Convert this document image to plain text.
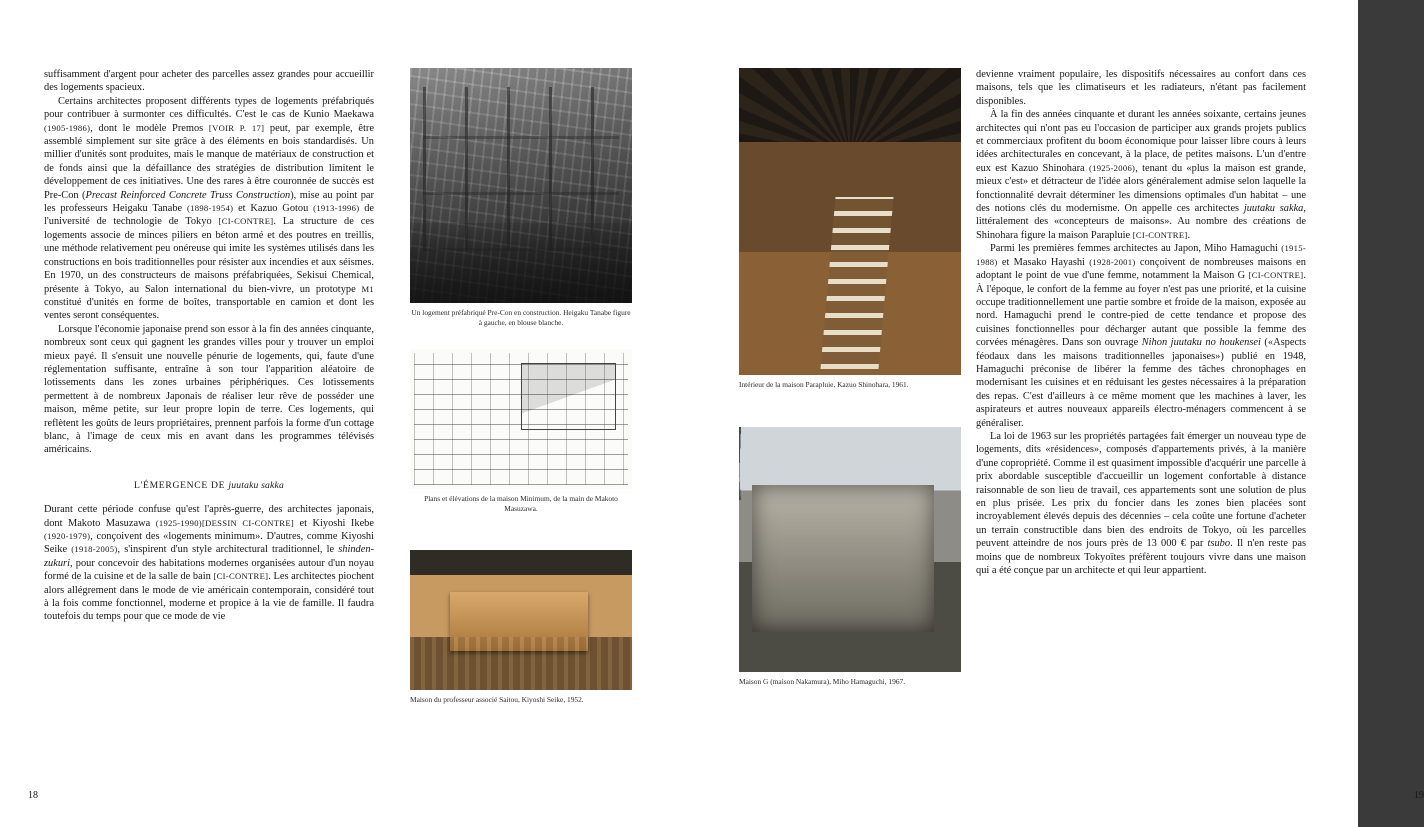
suffisamment d'argent pour acheter des parcelles assez grandes pour accueillir des logements spacieux.

Certains architectes proposent différents types de logements préfabriqués pour contribuer à surmonter ces difficultés. C'est le cas de Kunio Maekawa (1905-1986), dont le modèle Premos [VOIR P. 17] peut, par exemple, être assemblé simplement sur site grâce à des éléments en bois standardisés. Un millier d'unités sont produites, mais le manque de matériaux de construction et de fonds ainsi que la défaillance des stratégies de distribution limitent le développement de ces initiatives. Une des rares à être couronnée de succès est Pre-Con (Precast Reinforced Concrete Truss Construction), mise au point par les professeurs Heigaku Tanabe (1898-1954) et Kazuo Gotou (1913-1996) de l'université de technologie de Tokyo [CI-CONTRE]. La structure de ces logements associe de minces piliers en béton armé et des poutres en treillis, une méthode relativement peu onéreuse qui imite les systèmes utilisés dans les constructions en bois traditionnelles pour résister aux incendies et aux séismes. En 1970, un des constructeurs de maisons préfabriquées, Sekisui Chemical, présente à Tokyo, au Salon international du bien-vivre, un prototype M1 constitué d'unités en forme de boîtes, transportable en camion et dont les ventes seront conséquentes.

Lorsque l'économie japonaise prend son essor à la fin des années cinquante, nombreux sont ceux qui gagnent les grandes villes pour y trouver un emploi mieux payé. Il s'ensuit une nouvelle pénurie de logements, qui, faute d'une réglementation suffisante, entraîne à son tour l'apparition aléatoire de lotissements dans les zones urbaines périphériques. Ces lotissements permettent à de nombreux Japonais de réaliser leur rêve de posséder une maison, même petite, sur leur propre lopin de terre. Ces logements, qui reflètent les goûts de leurs propriétaires, prennent parfois la forme d'un cottage blanc, à l'image de ceux mis en avant dans les programmes télévisés américains.

L'ÉMERGENCE DE juutaku sakka

Durant cette période confuse qu'est l'après-guerre, des architectes japonais, dont Makoto Masuzawa (1925-1990)[DESSIN CI-CONTRE] et Kiyoshi Ikebe (1920-1979), conçoivent des «logements minimum». D'autres, comme Kiyoshi Seike (1918-2005), s'inspirent d'un style architectural traditionnel, le shinden-zukuri, pour concevoir des habitations modernes organisées autour d'un noyau formé de la cuisine et de la salle de bain [CI-CONTRE]. Les architectes piochent alors allégrement dans le mode de vie américain contemporain, considéré tout à la fois comme fonctionnel, moderne et propice à la vie de famille. Il faudra toutefois du temps pour que ce mode de vie

Un logement préfabriqué Pre-Con en construction. Heigaku Tanabe figure à gauche, en blouse blanche.
Plans et élévations de la maison Minimum, de la main de Makoto Masuzawa.
Maison du professeur associé Saitou, Kiyoshi Seike, 1952.
18
Intérieur de la maison Parapluie, Kazuo Shinohara, 1961.
Maison G (maison Nakamura), Miho Hamaguchi, 1967.

devienne vraiment populaire, les dispositifs nécessaires au confort dans ces maisons, tels que les climatiseurs et les radiateurs, n'étant pas facilement disponibles.

À la fin des années cinquante et durant les années soixante, certains jeunes architectes qui n'ont pas eu l'occasion de participer aux grands projets publics et commerciaux profitent du boom économique pour laisser libre cours à leurs idées architecturales en concevant, à la place, de petites maisons. L'un d'entre eux est Kazuo Shinohara (1925-2006), tenant du «plus la maison est grande, mieux c'est» et détracteur de l'idée alors généralement admise selon laquelle la fonctionnalité devrait déterminer les dimensions optimales d'un habitat – une des notions clés du modernisme. On appelle ces architectes juutaku sakka, littéralement des «concepteurs de maisons». Au nombre des créations de Shinohara figure la maison Parapluie [CI-CONTRE].

Parmi les premières femmes architectes au Japon, Miho Hamaguchi (1915-1988) et Masako Hayashi (1928-2001) conçoivent de nombreuses maisons en adoptant le point de vue d'une femme, notamment la Maison G [CI-CONTRE]. À l'époque, le confort de la femme au foyer n'est pas une priorité, et la cuisine occupe traditionnellement une partie sombre et froide de la maison, exposée au nord. Hamaguchi prend le contre-pied de cette tendance et propose des cuisines fonctionnelles pour décharger autant que possible la femme des corvées ménagères. Dans son ouvrage Nihon juutaku no houkensei («Aspects féodaux dans les maisons traditionnelles japonaises») publié en 1948, Hamaguchi préconise de libérer la femme des tâches chronophages en modernisant les cuisines et en réduisant les gestes nécessaires à la préparation des repas. C'est d'ailleurs à ce même moment que les machines à laver, les aspirateurs et autres nouveaux appareils électro-ménagers commencent à se généraliser.

La loi de 1963 sur les propriétés partagées fait émerger un nouveau type de logements, dits «résidences», composés d'appartements privés, à la manière d'une copropriété. Comme il est quasiment impossible d'acquérir une parcelle à prix abordable susceptible d'accueillir un logement confortable à distance raisonnable de son lieu de travail, ces appartements sont une solution de plus en plus prisée. Les prix du foncier dans les zones bien placées sont incroyablement élevés depuis des décennies – cela coûte une fortune d'acheter un terrain constructible dans bien des endroits de Tokyo, où les parcelles peuvent atteindre de nos jours près de 13 000 € par tsubo. Il n'en reste pas moins que de nombreux Tokyoïtes préfèrent toujours vivre dans une maison qui a été conçue par un architecte et qui leur appartient.

19
